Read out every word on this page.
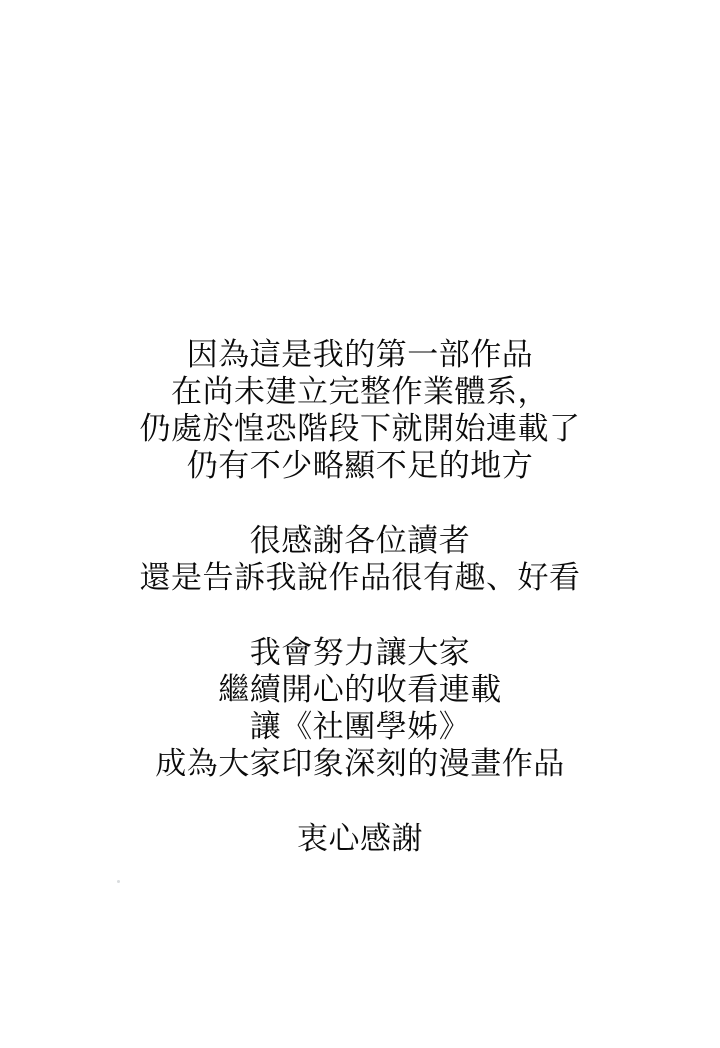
因為這是我的第一部作品
在尚未建立完整作業體系，
仍處於惶恐階段下就開始連載了
仍有不少略顯不足的地方

很感謝各位讀者
還是告訴我說作品很有趣、好看

我會努力讓大家
繼續開心的收看連載
讓《社團學姊》
成為大家印象深刻的漫畫作品

衷心感謝
